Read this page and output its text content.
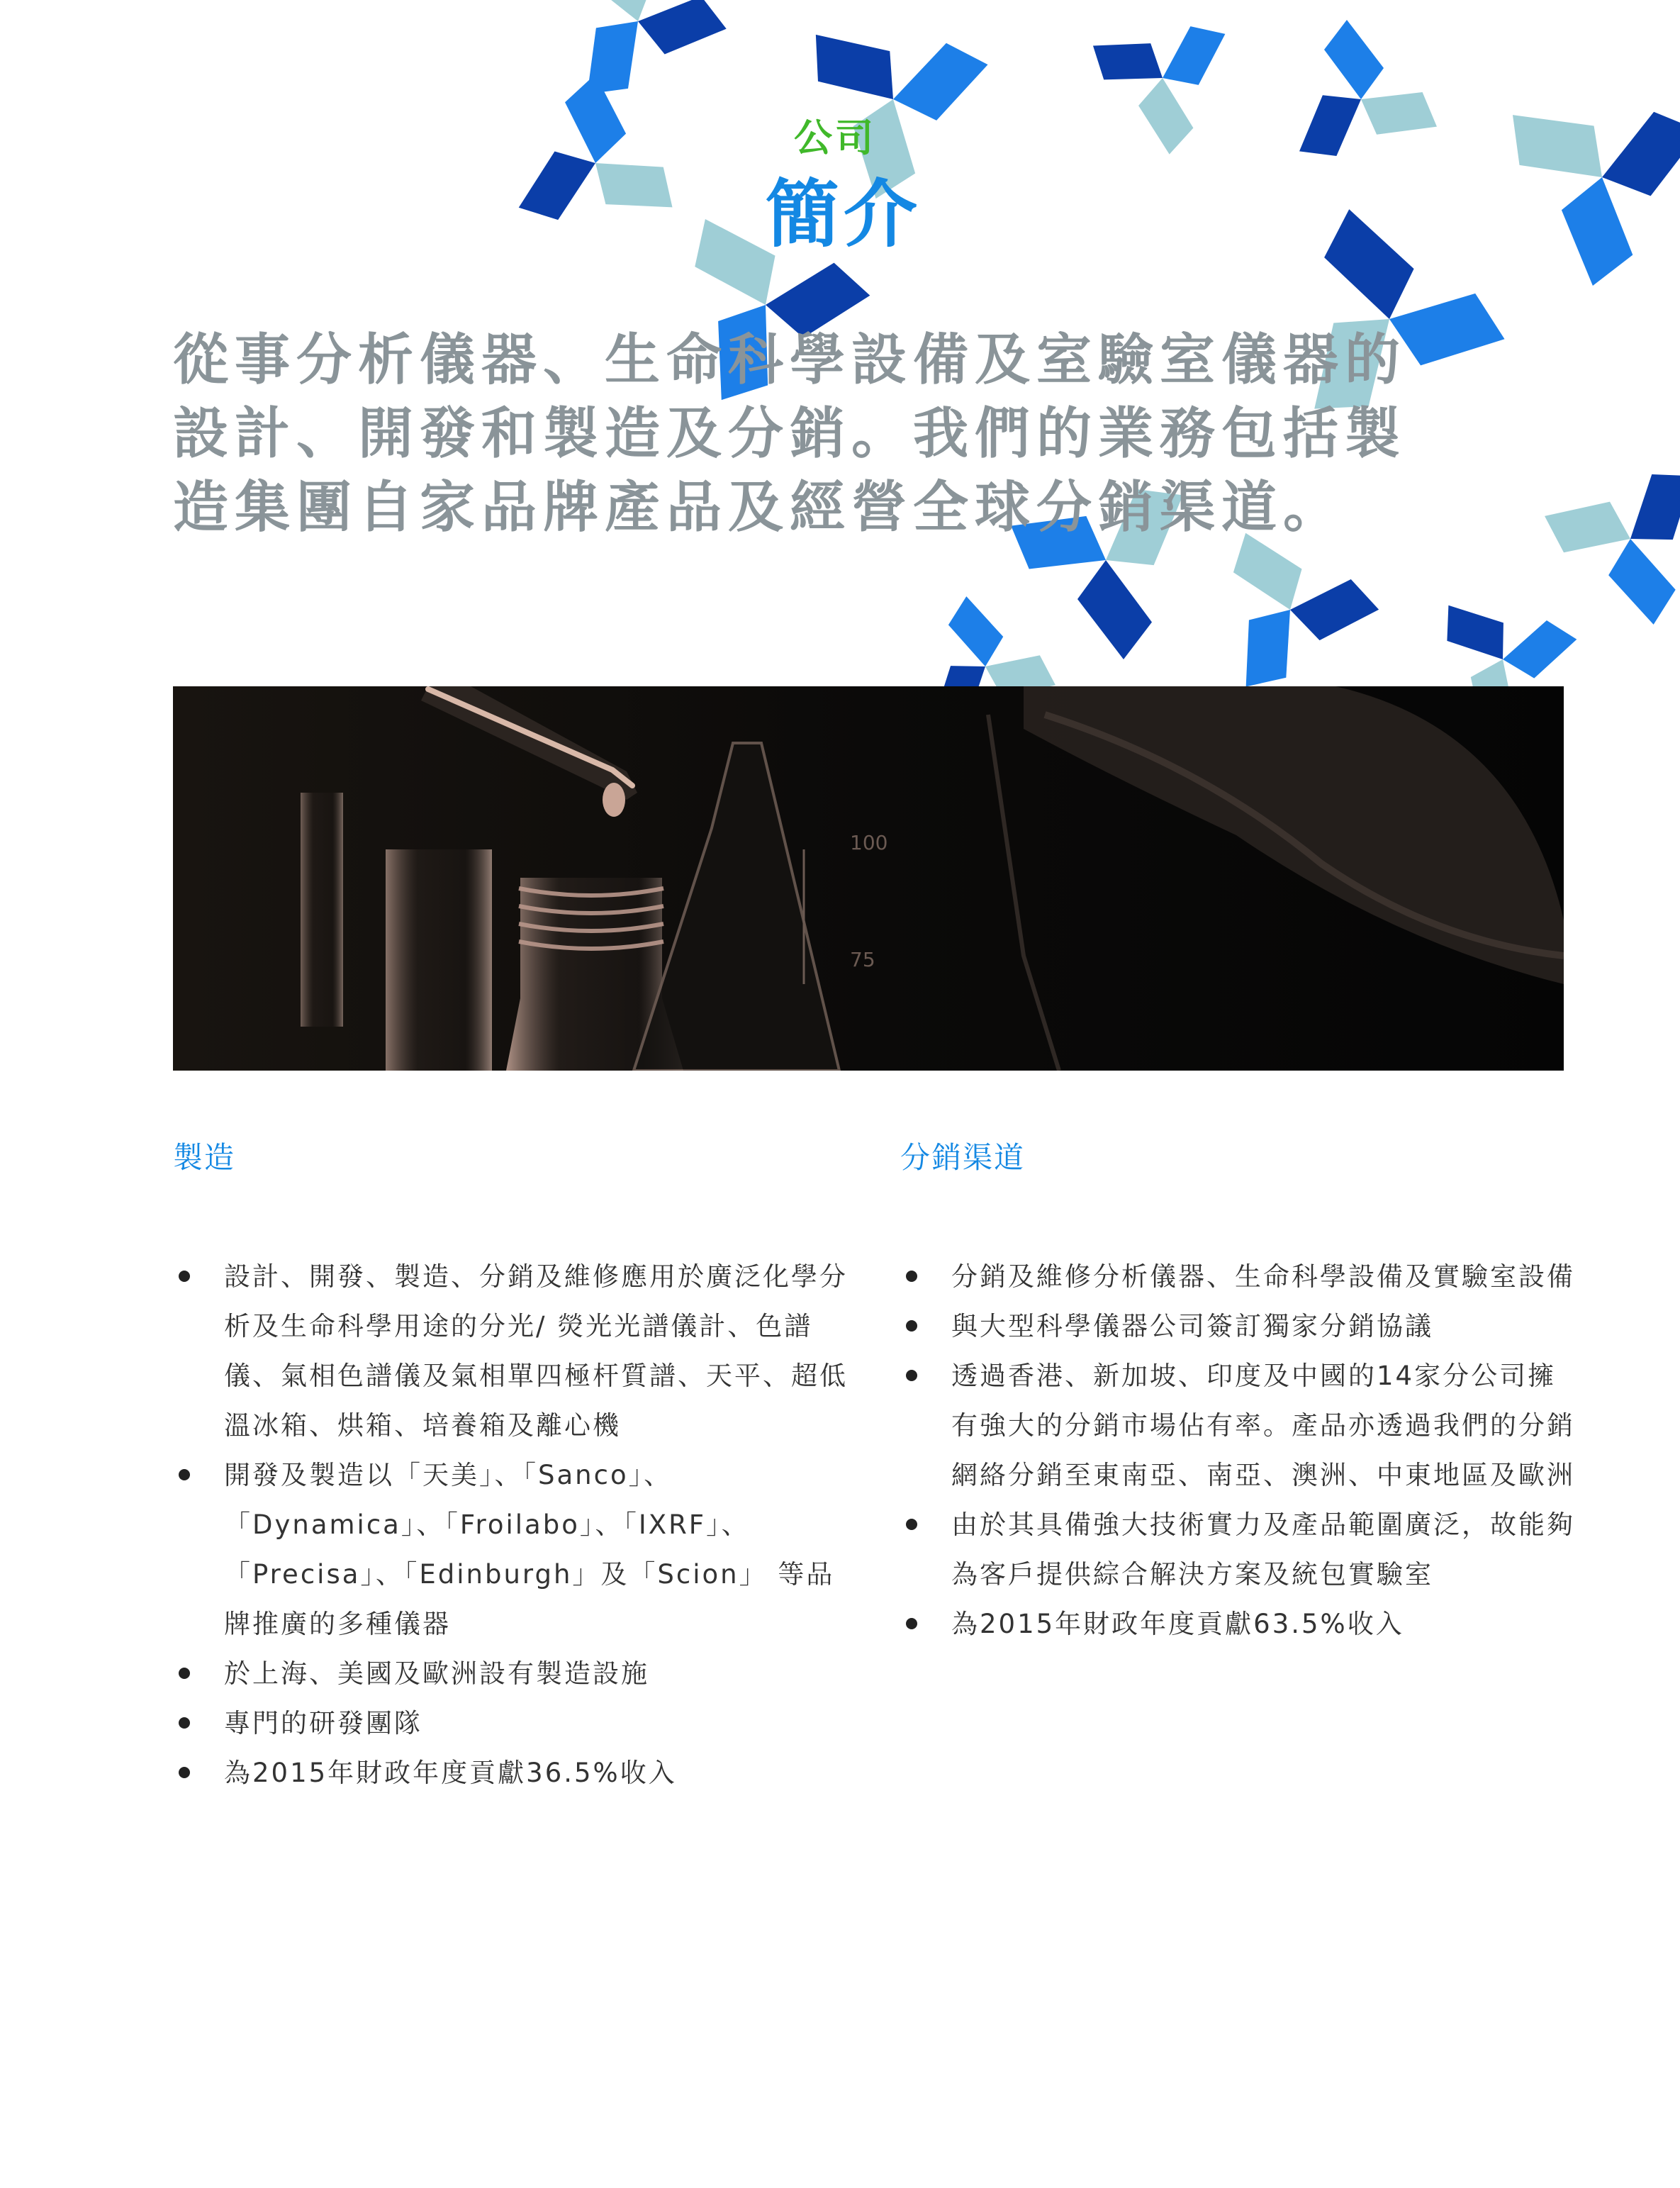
公司
簡介
從事分析儀器、生命科學設備及室驗室儀器的
設計、開發和製造及分銷。我們的業務包括製
造集團自家品牌產品及經營全球分銷渠道。
100
75
製造
設計、開發、製造、分銷及維修應用於廣泛化學分析及生命科學用途的分光/ 熒光光譜儀計、色譜儀、氣相色譜儀及氣相單四極杆質譜、天平、超低溫冰箱、烘箱、培養箱及離心機
開發及製造以「天美」、「Sanco」、「Dynamica」、「Froilabo」、「IXRF」、「Precisa」、「Edinburgh」及「Scion」 等品牌推廣的多種儀器
於上海、美國及歐洲設有製造設施
專門的研發團隊
為2015年財政年度貢獻36.5%收入
分銷渠道
分銷及維修分析儀器、生命科學設備及實驗室設備
與大型科學儀器公司簽訂獨家分銷協議
透過香港、新加坡、印度及中國的14家分公司擁有強大的分銷市場佔有率。產品亦透過我們的分銷網絡分銷至東南亞、南亞、澳洲、中東地區及歐洲
由於其具備強大技術實力及產品範圍廣泛，故能夠為客戶提供綜合解決方案及統包實驗室
為2015年財政年度貢獻63.5%收入
